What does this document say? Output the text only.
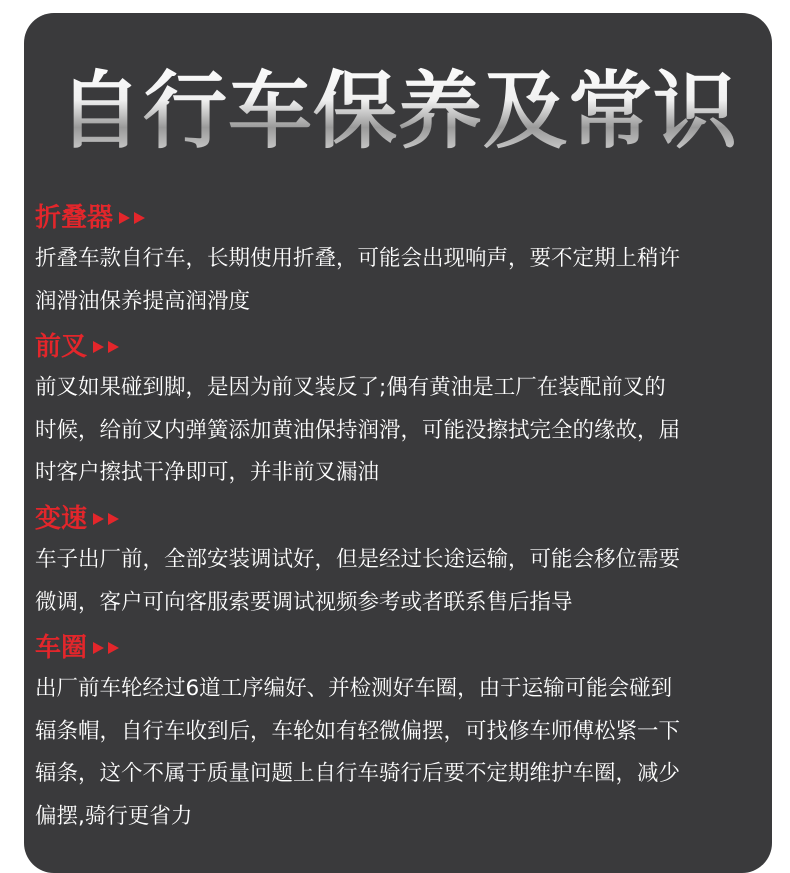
自行车保养及常识
折叠器
折叠车款自行车，长期使用折叠，可能会出现响声，要不定期上稍许
润滑油保养提高润滑度
前叉
前叉如果碰到脚，是因为前叉装反了;偶有黄油是工厂在装配前叉的
时候，给前叉内弹簧添加黄油保持润滑，可能没擦拭完全的缘故，届
时客户擦拭干净即可，并非前叉漏油
变速
车子出厂前，全部安装调试好，但是经过长途运输，可能会移位需要
微调，客户可向客服索要调试视频参考或者联系售后指导
车圈
出厂前车轮经过6道工序编好、并检测好车圈，由于运输可能会碰到
辐条帽，自行车收到后，车轮如有轻微偏摆，可找修车师傅松紧一下
辐条，这个不属于质量问题上自行车骑行后要不定期维护车圈，减少
偏摆,骑行更省力
